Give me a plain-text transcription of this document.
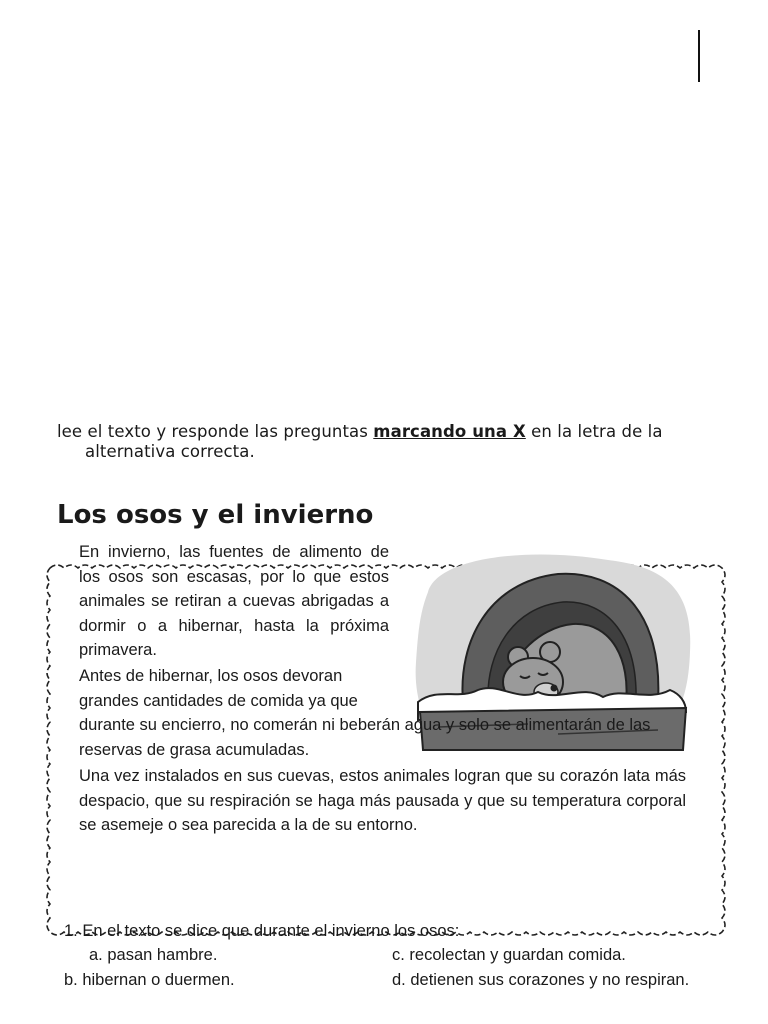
lee el texto y responde las preguntas marcando una X en la letra de la
alternativa correcta.
Los osos y el invierno

En invierno, las fuentes de alimento de los osos son escasas, por lo que estos animales se retiran a cuevas abrigadas a dormir o a hibernar, hasta la próxima primavera.

Antes de hibernar, los osos devoran grandes cantidades de comida ya que

durante su encierro, no comerán ni beberán agua y solo se alimentarán de las reservas de grasa acumuladas.

Una vez instalados en sus cuevas, estos animales logran que su corazón lata más despacio, que su respiración se haga más pausada y que su temperatura corporal se asemeje o sea parecida a la de su entorno.

1. En el texto se dice que durante el invierno los osos:
a. pasan hambre.
b. hibernan o duermen.
c. recolectan y guardan comida.
d. detienen sus corazones y no respiran.
